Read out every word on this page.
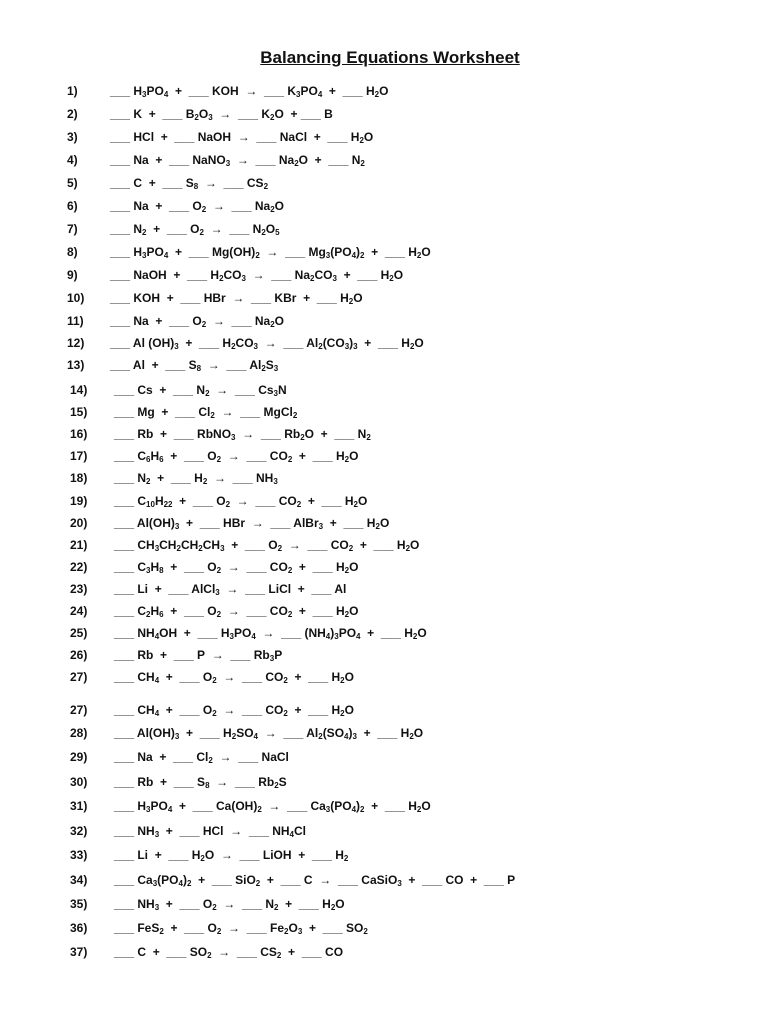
Balancing Equations Worksheet
1)	___ $H_3PO_4$  +  ___ KOH  →  ___ $K_3PO_4$  +  ___ $H_2O$
2)	___ K  +  ___ $B_2O_3$  →  ___ $K_2O$  + ___ B
3)	___ HCl  +  ___ NaOH  →  ___ NaCl  +  ___ $H_2O$
4)	___ Na  +  ___ NaNO$_3$  →  ___ $Na_2O$  +  ___ $N_2$
5)	___ C  +  ___ $S_8$  →  ___ $CS_2$
6)	___ Na  +  ___ $O_2$  →  ___ $Na_2O$
7)	___ $N_2$  +  ___ $O_2$  →  ___ $N_2O_5$
8)	___ $H_3PO_4$  +  ___ $Mg(OH)_2$  →  ___ $Mg_3(PO_4)_2$  +  ___ $H_2O$
9)	___ NaOH  +  ___ $H_2CO_3$  →  ___ $Na_2CO_3$  +  ___ $H_2O$
10) ___ KOH  +  ___ HBr  →  ___ KBr  +  ___ $H_2O$
11) ___ Na  +  ___ $O_2$  →  ___ $Na_2O$
12) ___ Al $(OH)_3$  +  ___ $H_2CO_3$  →  ___ $Al_2(CO_3)_3$  +  ___ $H_2O$
13) ___ Al  +  ___ $S_8$  →  ___ $Al_2S_3$
14) ___ Cs  +  ___ $N_2$  →  ___ $Cs_3N$
15) ___ Mg  +  ___ $Cl_2$  →  ___ MgCl$_2$
16) ___ Rb  +  ___ RbNO$_3$  →  ___ $Rb_2O$  +  ___ $N_2$
17) ___ $C_6H_6$  +  ___ $O_2$  →  ___ $CO_2$  +  ___ $H_2O$
18) ___ $N_2$  +  ___ $H_2$  →  ___ $NH_3$
19) ___ $C_{10}H_{22}$  +  ___ $O_2$  →  ___ $CO_2$  +  ___ $H_2O$
20) ___ $Al(OH)_3$  +  ___ HBr  →  ___ AlBr$_3$  +  ___ $H_2O$
21) ___ $CH_3CH_2CH_2CH_3$  +  ___ $O_2$  →  ___ $CO_2$  +  ___ $H_2O$
22) ___ $C_3H_8$  +  ___ $O_2$  →  ___ $CO_2$  +  ___ $H_2O$
23) ___ Li  +  ___ AlCl$_3$  →  ___ LiCl  +  ___ Al
24) ___ $C_2H_6$  +  ___ $O_2$  →  ___ $CO_2$  +  ___ $H_2O$
25) ___ $NH_4OH$  +  ___ $H_3PO_4$  →  ___ $(NH_4)_3PO_4$  +  ___ $H_2O$
26) ___ Rb  +  ___ P  →  ___ $Rb_3P$
27) ___ $CH_4$  +  ___ $O_2$  →  ___ $CO_2$  +  ___ $H_2O$
27) ___ $CH_4$  +  ___ $O_2$  →  ___ $CO_2$  +  ___ $H_2O$
28) ___ $Al(OH)_3$  +  ___ $H_2SO_4$  →  ___ $Al_2(SO_4)_3$  +  ___ $H_2O$
29) ___ Na  +  ___ $Cl_2$  →  ___ NaCl
30) ___ Rb  +  ___ $S_8$  →  ___ $Rb_2S$
31) ___ $H_3PO_4$  +  ___ $Ca(OH)_2$  →  ___ $Ca_3(PO_4)_2$  +  ___ $H_2O$
32) ___ $NH_3$  +  ___ HCl  →  ___ $NH_4Cl$
33) ___ Li  +  ___ $H_2O$  →  ___ LiOH  +  ___ $H_2$
34) ___ $Ca_3(PO_4)_2$  +  ___ SiO$_2$  +  ___ C  →  ___ CaSiO$_3$  +  ___ CO  +  ___ P
35) ___ $NH_3$  +  ___ $O_2$  →  ___ $N_2$  +  ___ $H_2O$
36) ___ FeS$_2$  +  ___ $O_2$  →  ___ $Fe_2O_3$  +  ___ $SO_2$
37) ___ C  +  ___ $SO_2$  →  ___ $CS_2$  +  ___ CO
